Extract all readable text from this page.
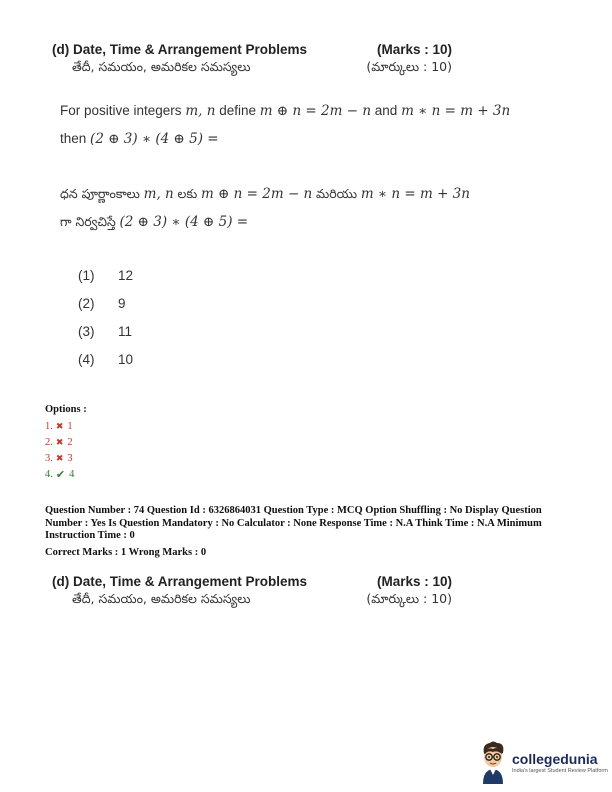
(d) Date, Time & Arrangement Problems	(Marks : 10)
తేదీ, సమయం, అమరికల సమస్యలు	(మార్కులు : 10)
For positive integers m, n define m ⊕ n = 2m − n and m ∗ n = m + 3n
then (2 ⊕ 3) ∗ (4 ⊕ 5) =
ధన పూర్ణాంకాలు m, n లకు m ⊕ n = 2m − n మరియు m ∗ n = m + 3n
గా నిర్వచిస్తే (2 ⊕ 3) ∗ (4 ⊕ 5) =
(1)	12
(2)	9
(3)	11
(4)	10
Options :
1. ✖ 1
2. ✖ 2
3. ✖ 3
4. ✔ 4
Question Number : 74 Question Id : 6326864031 Question Type : MCQ Option Shuffling : No Display Question Number : Yes Is Question Mandatory : No Calculator : None Response Time : N.A Think Time : N.A Minimum Instruction Time : 0
Correct Marks : 1 Wrong Marks : 0
(d) Date, Time & Arrangement Problems	(Marks : 10)
తేదీ, సమయం, అమరికల సమస్యలు	(మార్కులు : 10)
collegedunia
India's largest Student Review Platform
